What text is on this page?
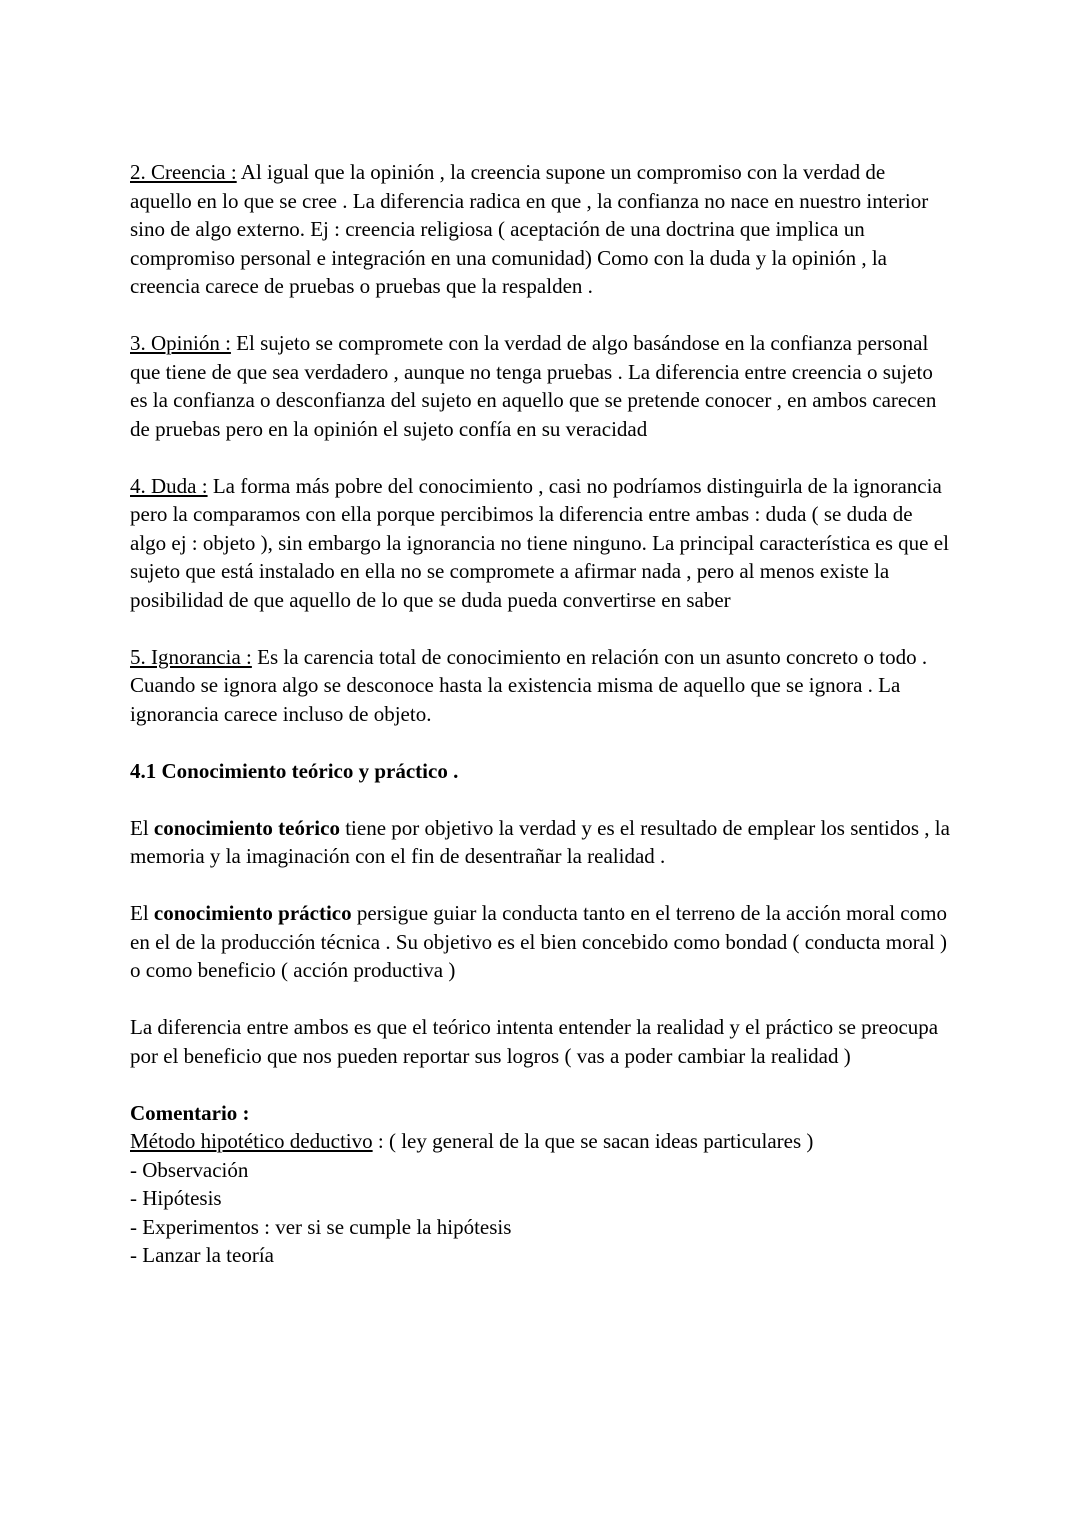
2. Creencia : Al igual que la opinión , la creencia supone un compromiso con la verdad de aquello en lo que se cree . La diferencia radica en que , la confianza no nace en nuestro interior sino de algo externo. Ej : creencia religiosa ( aceptación de una doctrina que implica un compromiso personal e integración en una comunidad) Como con la duda y la opinión , la creencia carece de pruebas o pruebas que la respalden .

3. Opinión : El sujeto se compromete con la verdad de algo basándose en la confianza personal que tiene de que sea verdadero , aunque no tenga pruebas . La diferencia entre creencia o sujeto es la confianza o desconfianza del sujeto en aquello que se pretende conocer , en ambos carecen de pruebas pero en la opinión el sujeto confía en su veracidad

4. Duda : La forma más pobre del conocimiento , casi no podríamos distinguirla de la ignorancia pero la comparamos con ella porque percibimos la diferencia entre ambas : duda ( se duda de algo ej : objeto ), sin embargo la ignorancia no tiene ninguno. La principal característica es que el sujeto que está instalado en ella no se compromete a afirmar nada , pero al menos existe la posibilidad de que aquello de lo que se duda pueda convertirse en saber

5. Ignorancia : Es la carencia total de conocimiento en relación con un asunto concreto o todo . Cuando se ignora algo se desconoce hasta la existencia misma de aquello que se ignora . La ignorancia carece incluso de objeto.

4.1 Conocimiento teórico y práctico .

El conocimiento teórico tiene por objetivo la verdad y es el resultado de emplear los sentidos , la memoria y la imaginación con el fin de desentrañar la realidad .

El conocimiento práctico persigue guiar la conducta tanto en el terreno de la acción moral como en el de la producción técnica . Su objetivo es el bien concebido como bondad ( conducta moral ) o como beneficio ( acción productiva )

La diferencia entre ambos es que el teórico intenta entender la realidad y el práctico se preocupa por el beneficio que nos pueden reportar sus logros ( vas a poder cambiar la realidad )

Comentario :

Método hipotético deductivo : ( ley general de la que se sacan ideas particulares )

- Observación

- Hipótesis

- Experimentos : ver si se cumple la hipótesis

- Lanzar la teoría
